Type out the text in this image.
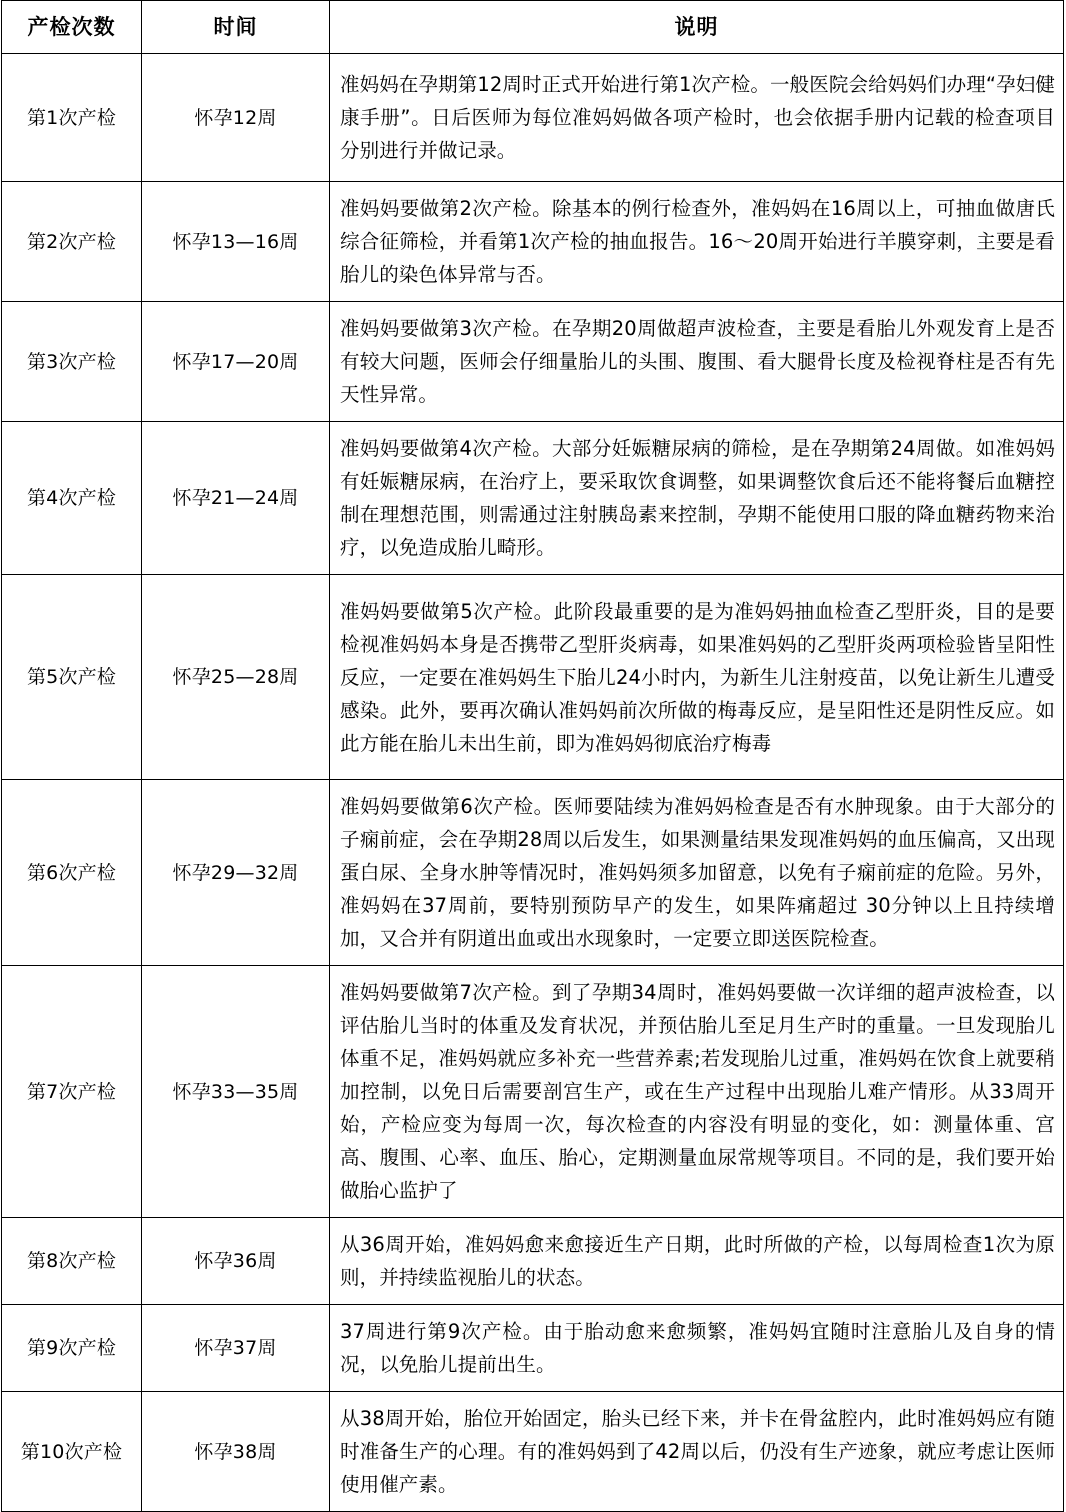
产检次数	时间	说明
第1次产检	怀孕12周	准妈妈在孕期第12周时正式开始进行第1次产检。一般医院会给妈妈们办理“孕妇健康手册”。日后医师为每位准妈妈做各项产检时，也会依据手册内记载的检查项目分别进行并做记录。
第2次产检	怀孕13—16周	准妈妈要做第2次产检。除基本的例行检查外，准妈妈在16周以上，可抽血做唐氏综合征筛检，并看第1次产检的抽血报告。16～20周开始进行羊膜穿刺，主要是看胎儿的染色体异常与否。
第3次产检	怀孕17—20周	准妈妈要做第3次产检。在孕期20周做超声波检查，主要是看胎儿外观发育上是否有较大问题，医师会仔细量胎儿的头围、腹围、看大腿骨长度及检视脊柱是否有先天性异常。
第4次产检	怀孕21—24周	准妈妈要做第4次产检。大部分妊娠糖尿病的筛检，是在孕期第24周做。如准妈妈有妊娠糖尿病，在治疗上，要采取饮食调整，如果调整饮食后还不能将餐后血糖控制在理想范围，则需通过注射胰岛素来控制，孕期不能使用口服的降血糖药物来治疗，以免造成胎儿畸形。
第5次产检	怀孕25—28周	准妈妈要做第5次产检。此阶段最重要的是为准妈妈抽血检查乙型肝炎，目的是要检视准妈妈本身是否携带乙型肝炎病毒，如果准妈妈的乙型肝炎两项检验皆呈阳性反应，一定要在准妈妈生下胎儿24小时内，为新生儿注射疫苗，以免让新生儿遭受感染。此外，要再次确认准妈妈前次所做的梅毒反应，是呈阳性还是阴性反应。如此方能在胎儿未出生前，即为准妈妈彻底治疗梅毒
第6次产检	怀孕29—32周	准妈妈要做第6次产检。医师要陆续为准妈妈检查是否有水肿现象。由于大部分的子痫前症，会在孕期28周以后发生，如果测量结果发现准妈妈的血压偏高，又出现蛋白尿、全身水肿等情况时，准妈妈须多加留意，以免有子痫前症的危险。另外，准妈妈在37周前，要特别预防早产的发生，如果阵痛超过 30分钟以上且持续增加，又合并有阴道出血或出水现象时，一定要立即送医院检查。
第7次产检	怀孕33—35周	准妈妈要做第7次产检。到了孕期34周时，准妈妈要做一次详细的超声波检查，以评估胎儿当时的体重及发育状况，并预估胎儿至足月生产时的重量。一旦发现胎儿体重不足，准妈妈就应多补充一些营养素;若发现胎儿过重，准妈妈在饮食上就要稍加控制，以免日后需要剖宫生产，或在生产过程中出现胎儿难产情形。从33周开始，产检应变为每周一次，每次检查的内容没有明显的变化，如：测量体重、宫高、腹围、心率、血压、胎心，定期测量血尿常规等项目。不同的是，我们要开始做胎心监护了
第8次产检	怀孕36周	从36周开始，准妈妈愈来愈接近生产日期，此时所做的产检，以每周检查1次为原则，并持续监视胎儿的状态。
第9次产检	怀孕37周	37周进行第9次产检。由于胎动愈来愈频繁，准妈妈宜随时注意胎儿及自身的情况，以免胎儿提前出生。
第10次产检	怀孕38周	从38周开始，胎位开始固定，胎头已经下来，并卡在骨盆腔内，此时准妈妈应有随时准备生产的心理。有的准妈妈到了42周以后，仍没有生产迹象，就应考虑让医师使用催产素。
